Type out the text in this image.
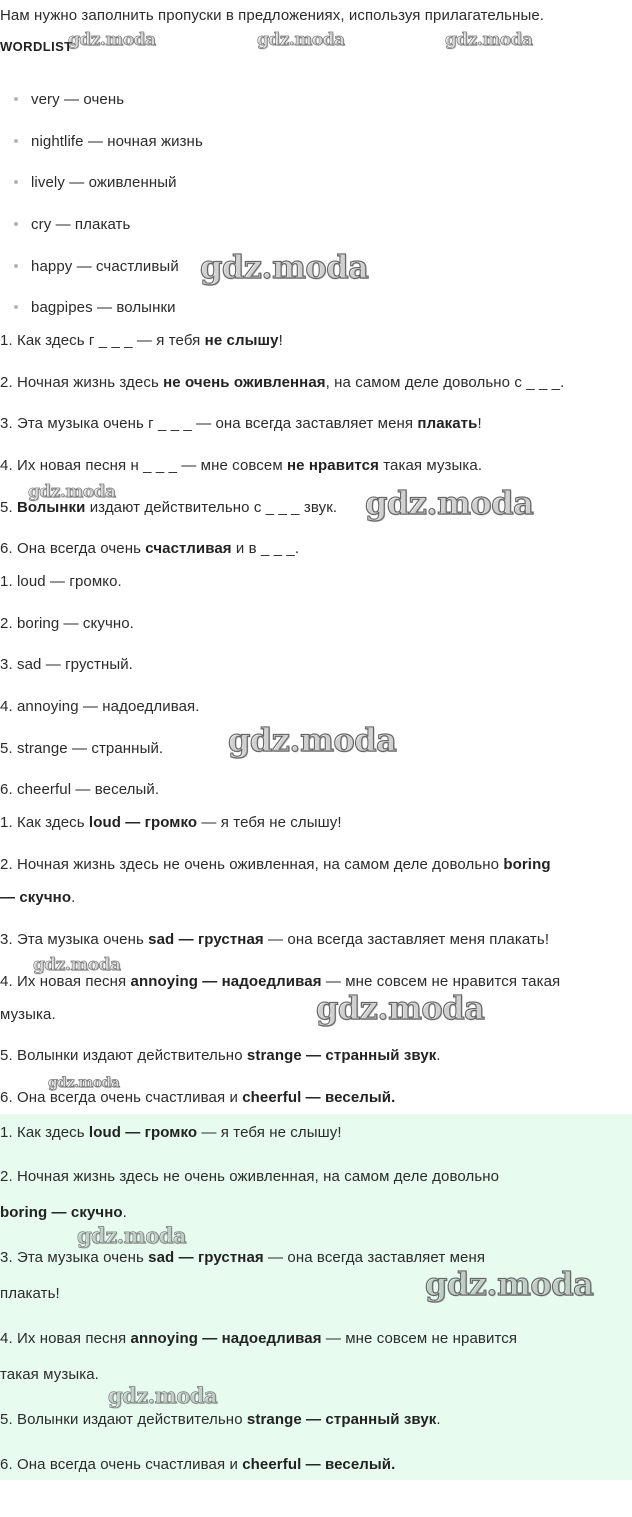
Нам нужно заполнить пропуски в предложениях, используя прилагательные.
WORDLIST
very — очень
nightlife — ночная жизнь
lively — оживленный
cry — плакать
happy — счастливый
bagpipes — волынки
1. Как здесь г _ _ _ — я тебя не слышу!
2. Ночная жизнь здесь не очень оживленная, на самом деле довольно с _ _ _.
3. Эта музыка очень г _ _ _ — она всегда заставляет меня плакать!
4. Их новая песня н _ _ _ — мне совсем не нравится такая музыка.
5. Волынки издают действительно с _ _ _ звук.
6. Она всегда очень счастливая и в _ _ _.
1. loud — громко.
2. boring — скучно.
3. sad — грустный.
4. annoying — надоедливая.
5. strange — странный.
6. cheerful — веселый.
1. Как здесь loud — громко — я тебя не слышу!
2. Ночная жизнь здесь не очень оживленная, на самом деле довольно boring
— скучно.
3. Эта музыка очень sad — грустная — она всегда заставляет меня плакать!
4. Их новая песня annoying — надоедливая — мне совсем не нравится такая
музыка.
5. Волынки издают действительно strange — странный звук.
6. Она всегда очень счастливая и cheerful — веселый.
1. Как здесь loud — громко — я тебя не слышу!
2. Ночная жизнь здесь не очень оживленная, на самом деле довольно
boring — скучно.
3. Эта музыка очень sad — грустная — она всегда заставляет меня
плакать!
4. Их новая песня annoying — надоедливая — мне совсем не нравится
такая музыка.
5. Волынки издают действительно strange — странный звук.
6. Она всегда очень счастливая и cheerful — веселый.
gdz.moda	gdz.moda	gdz.moda
gdz.moda
gdz.moda	gdz.moda
gdz.moda
gdz.moda
gdz.moda
gdz.moda
gdz.moda
gdz.moda
gdz.moda
